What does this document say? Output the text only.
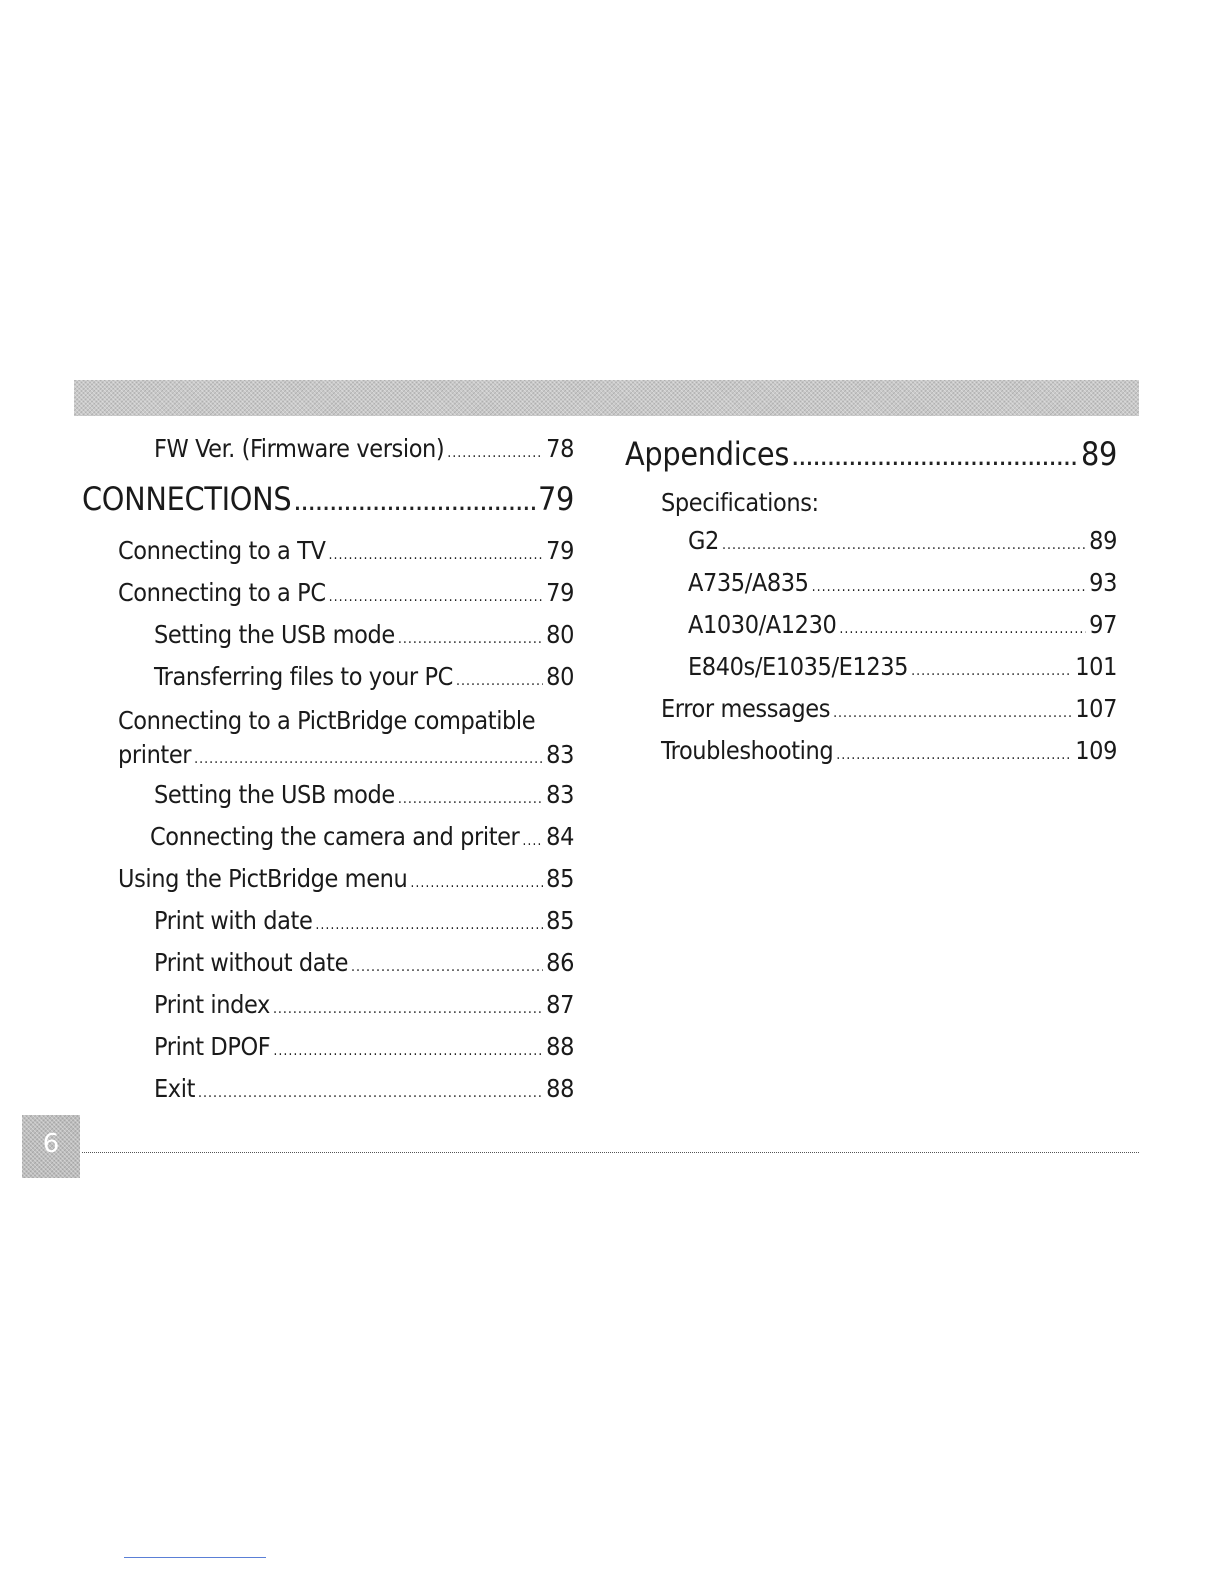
FW Ver. (Firmware version) .....	78
CONNECTIONS .....	79
Connecting to a TV .....	79
Connecting to a PC .....	79
Setting the USB mode .....	80
Transferring files to your PC .....	80
Connecting to a PictBridge compatible
printer .....	83
Setting the USB mode .....	83
Connecting the camera and priter ..... 84
Using the PictBridge menu .....	85
Print with date .....	85
Print without date .....	86
Print index .....	87
Print DPOF .....	88
Exit .....	88
Appendices .....	89
Specifications:
G2 .....	89
A735/A835 .....	93
A1030/A1230 .....	97
E840s/E1035/E1235 .....	101
Error messages .....	107
Troubleshooting .....	109
6
